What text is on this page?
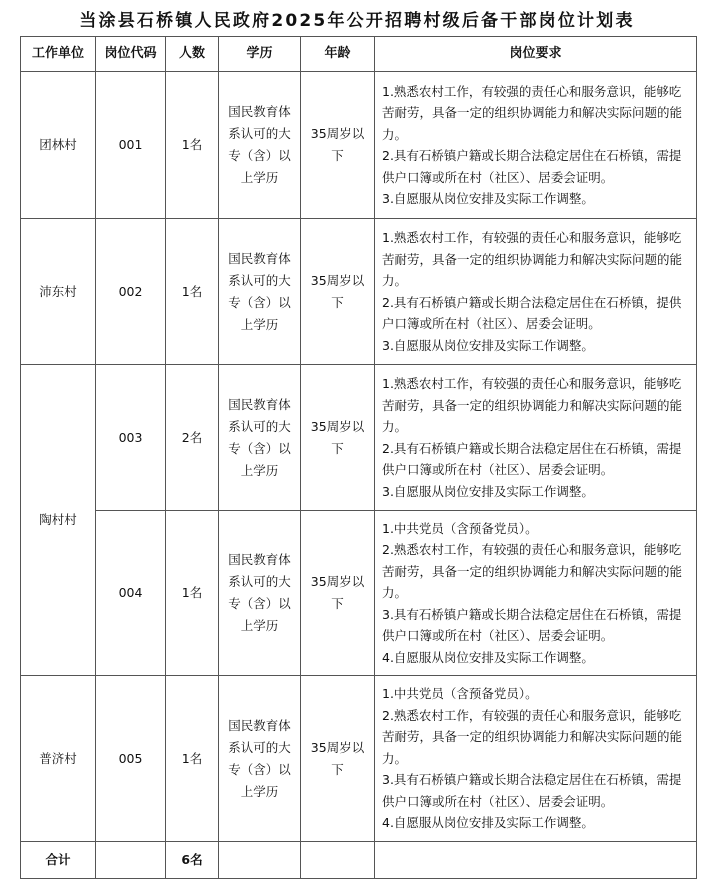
当涂县石桥镇人民政府2025年公开招聘村级后备干部岗位计划表
工作单位	岗位代码	人数	学历	年龄	岗位要求
团林村	001	1名	国民教育体系认可的大专（含）以上学历	35周岁以下	1.熟悉农村工作，有较强的责任心和服务意识，能够吃苦耐劳，具备一定的组织协调能力和解决实际问题的能力。
2.具有石桥镇户籍或长期合法稳定居住在石桥镇，需提供户口簿或所在村（社区）、居委会证明。
3.自愿服从岗位安排及实际工作调整。

沛东村	002	1名	国民教育体系认可的大专（含）以上学历	35周岁以下	1.熟悉农村工作，有较强的责任心和服务意识，能够吃苦耐劳，具备一定的组织协调能力和解决实际问题的能力。
2.具有石桥镇户籍或长期合法稳定居住在石桥镇，提供户口簿或所在村（社区）、居委会证明。
3.自愿服从岗位安排及实际工作调整。

陶村村	003	2名	国民教育体系认可的大专（含）以上学历	35周岁以下	1.熟悉农村工作，有较强的责任心和服务意识，能够吃苦耐劳，具备一定的组织协调能力和解决实际问题的能力。
2.具有石桥镇户籍或长期合法稳定居住在石桥镇，需提供户口簿或所在村（社区）、居委会证明。
3.自愿服从岗位安排及实际工作调整。

	004	1名	国民教育体系认可的大专（含）以上学历	35周岁以下	1.中共党员（含预备党员）。
2.熟悉农村工作，有较强的责任心和服务意识，能够吃苦耐劳，具备一定的组织协调能力和解决实际问题的能力。
3.具有石桥镇户籍或长期合法稳定居住在石桥镇，需提供户口簿或所在村（社区）、居委会证明。
4.自愿服从岗位安排及实际工作调整。

普济村	005	1名	国民教育体系认可的大专（含）以上学历	35周岁以下	1.中共党员（含预备党员）。
2.熟悉农村工作，有较强的责任心和服务意识，能够吃苦耐劳，具备一定的组织协调能力和解决实际问题的能力。
3.具有石桥镇户籍或长期合法稳定居住在石桥镇，需提供户口簿或所在村（社区）、居委会证明。
4.自愿服从岗位安排及实际工作调整。

合计		6名			
